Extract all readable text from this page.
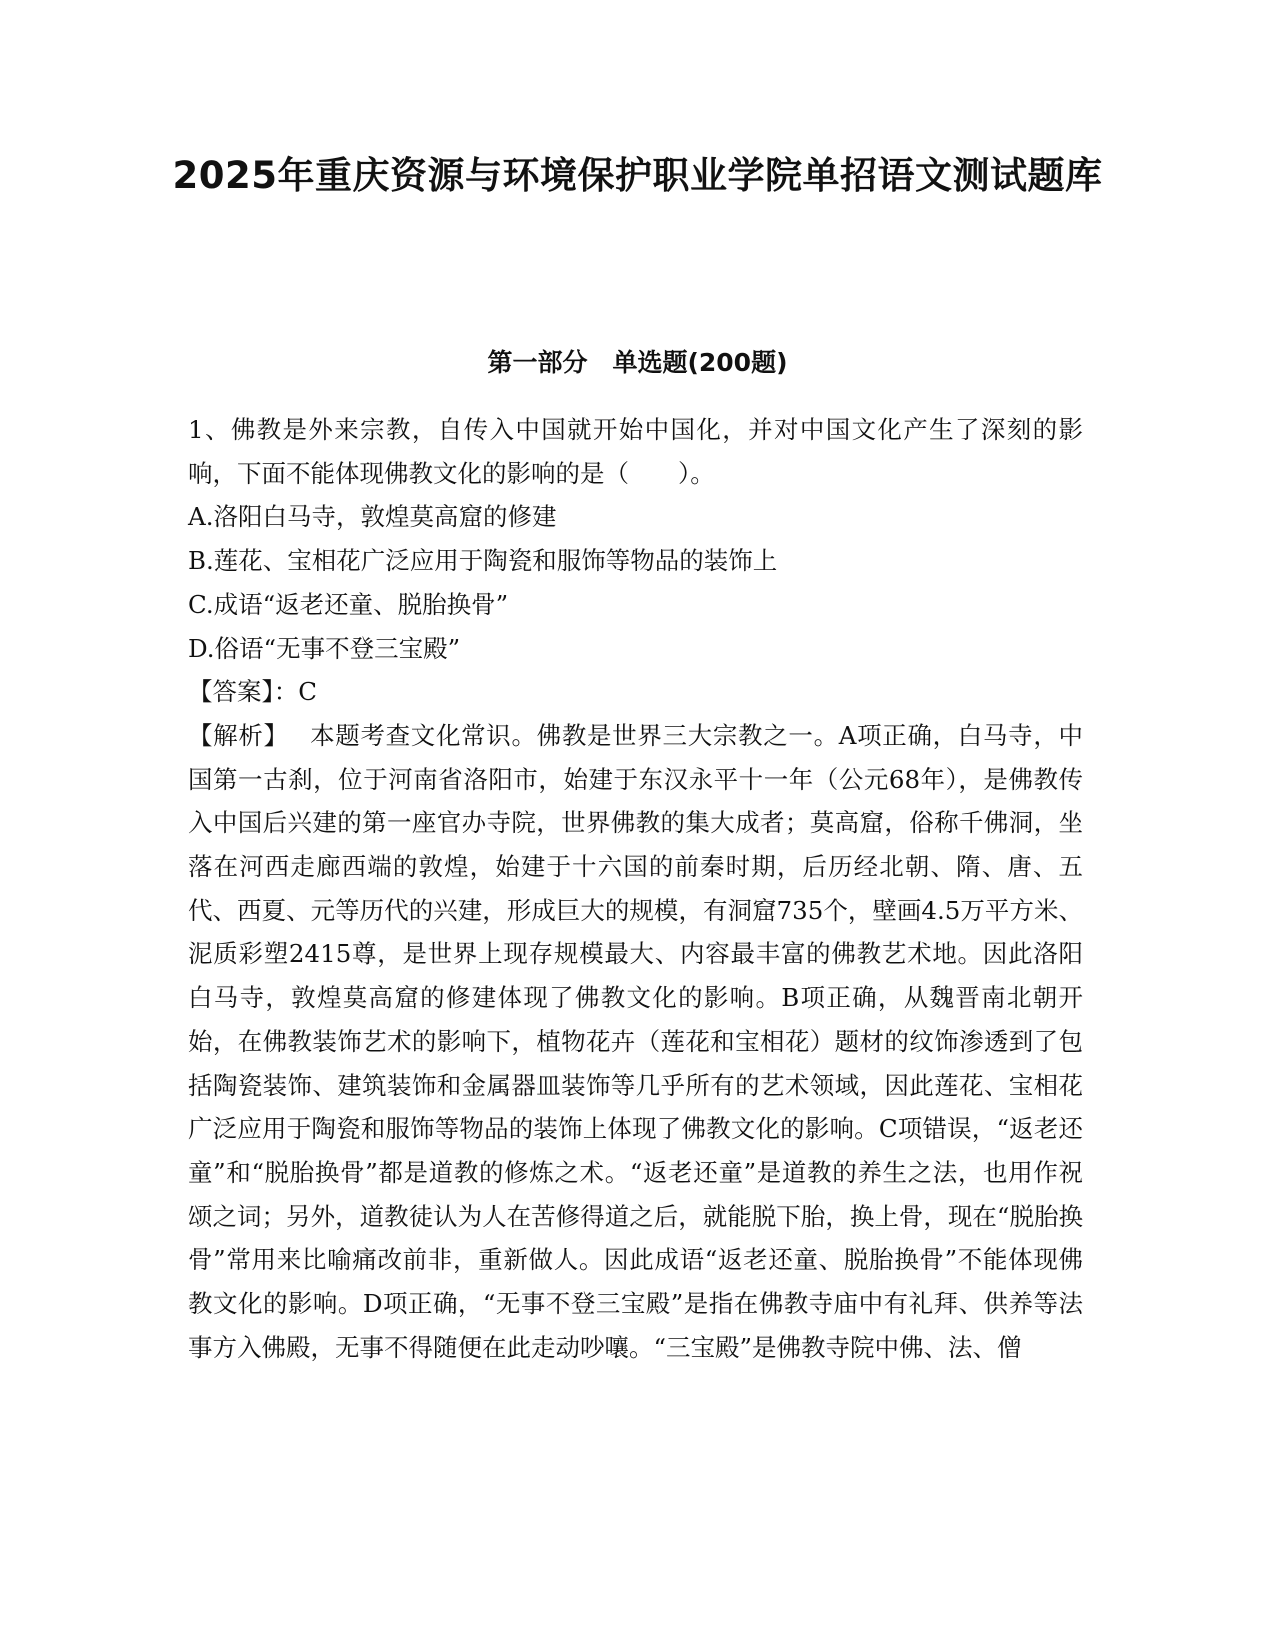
2025年重庆资源与环境保护职业学院单招语文测试题库
第一部分　单选题(200题)
1、佛教是外来宗教，自传入中国就开始中国化，并对中国文化产生了深刻的影响，下面不能体现佛教文化的影响的是（　　）。
A.洛阳白马寺，敦煌莫高窟的修建
B.莲花、宝相花广泛应用于陶瓷和服饰等物品的装饰上
C.成语“返老还童、脱胎换骨”
D.俗语“无事不登三宝殿”
【答案】：C
【解析】　 本题考查文化常识。佛教是世界三大宗教之一。A项正确，白马寺，中国第一古刹，位于河南省洛阳市，始建于东汉永平十一年（公元68年），是佛教传入中国后兴建的第一座官办寺院，世界佛教的集大成者；莫高窟，俗称千佛洞，坐落在河西走廊西端的敦煌，始建于十六国的前秦时期，后历经北朝、隋、唐、五代、西夏、元等历代的兴建，形成巨大的规模，有洞窟735个，壁画4.5万平方米、泥质彩塑2415尊，是世界上现存规模最大、内容最丰富的佛教艺术地。因此洛阳白马寺，敦煌莫高窟的修建体现了佛教文化的影响。B项正确，从魏晋南北朝开始，在佛教装饰艺术的影响下，植物花卉（莲花和宝相花）题材的纹饰渗透到了包括陶瓷装饰、建筑装饰和金属器皿装饰等几乎所有的艺术领域，因此莲花、宝相花广泛应用于陶瓷和服饰等物品的装饰上体现了佛教文化的影响。C项错误，“返老还童”和“脱胎换骨”都是道教的修炼之术。“返老还童”是道教的养生之法，也用作祝颂之词；另外，道教徒认为人在苦修得道之后，就能脱下胎，换上骨，现在“脱胎换骨”常用来比喻痛改前非，重新做人。因此成语“返老还童、脱胎换骨”不能体现佛教文化的影响。D项正确，“无事不登三宝殿”是指在佛教寺庙中有礼拜、供养等法事方入佛殿，无事不得随便在此走动吵嚷。“三宝殿”是佛教寺院中佛、法、僧
